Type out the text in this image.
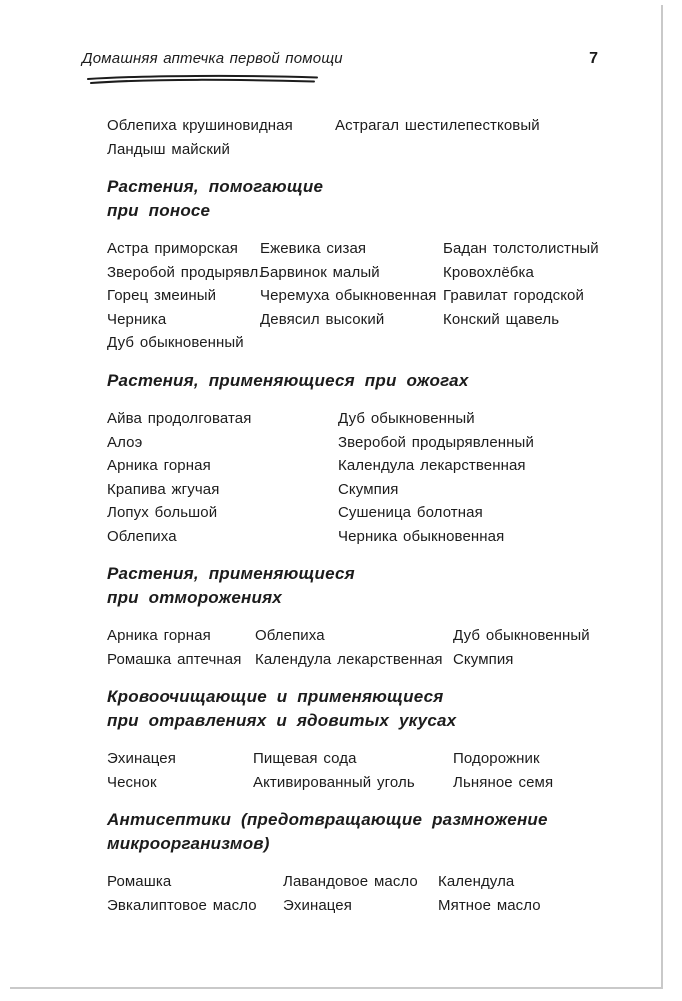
Домашняя аптечка первой помощи	7
Облепиха крушиновидная
Ландыш майский
Астрагал шестилепестковый
Растения, помогающие
при поносе
Астра приморская
Зверобой продырявл.
Горец змеиный
Черника
Дуб обыкновенный
Ежевика сизая
Барвинок малый
Черемуха обыкновенная
Девясил высокий
Бадан толстолистный
Кровохлёбка
Гравилат городской
Конский щавель
Растения, применяющиеся при ожогах
Айва продолговатая
Алоэ
Арника горная
Крапива жгучая
Лопух большой
Облепиха
Дуб обыкновенный
Зверобой продырявленный
Календула лекарственная
Скумпия
Сушеница болотная
Черника обыкновенная
Растения, применяющиеся
при отморожениях
Арника горная
Ромашка аптечная
Облепиха
Календула лекарственная
Дуб обыкновенный
Скумпия
Кровоочищающие и применяющиеся
при отравлениях и ядовитых укусах
Эхинацея
Чеснок
Пищевая сода
Активированный уголь
Подорожник
Льняное семя
Антисептики (предотвращающие размножение
микроорганизмов)
Ромашка
Эвкалиптовое масло
Лавандовое масло
Эхинацея
Календула
Мятное масло
